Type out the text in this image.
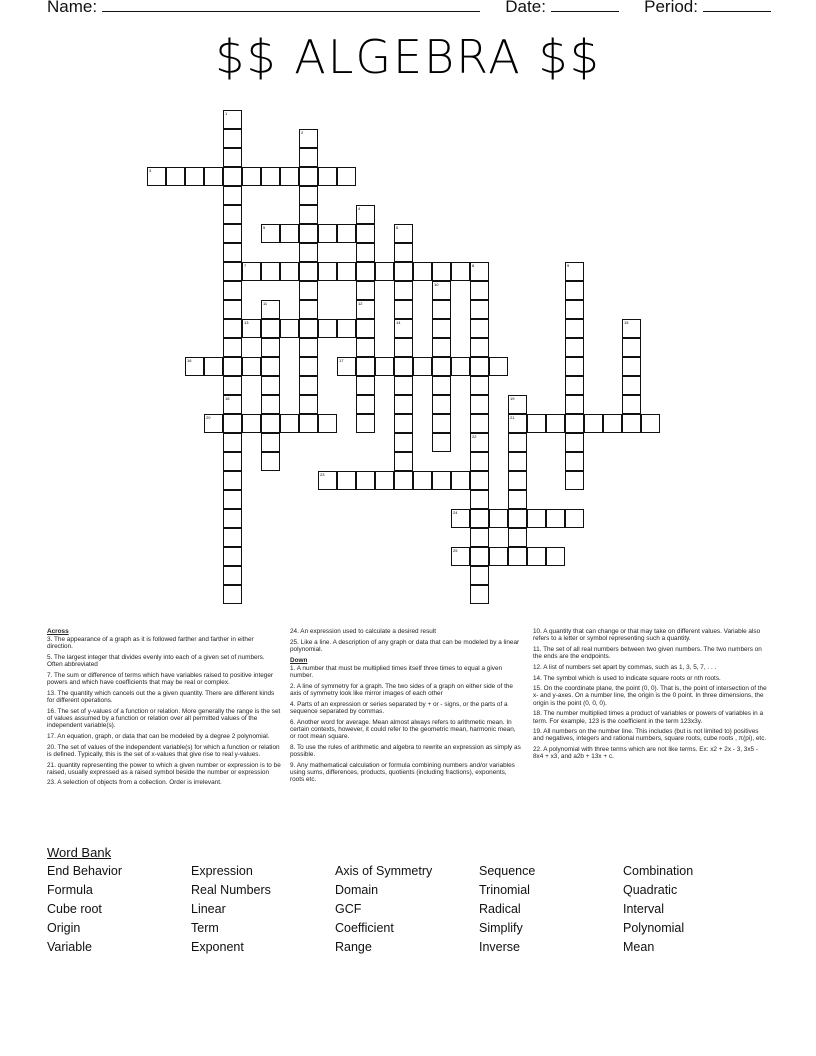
Name:	Date:	Period:
$$ ALGEBRA $$
1
18
2
3
4
12
5	6
14
7	8
22
9
10
11
13	15
16	17
19
21
20
23
24
25

Across

3. The appearance of a graph as it is followed farther and farther in either direction.

5. The largest integer that divides evenly into each of a given set of numbers. Often abbreviated

7. The sum or difference of terms which have variables raised to positive integer powers and which have coefficients that may be real or complex.

13. The quantity which cancels out the a given quantity. There are different kinds for different operations.

16. The set of y-values of a function or relation. More generally the range is the set of values assumed by a function or relation over all permitted values of the independent variable(s).

17. An equation, graph, or data that can be modeled by a degree 2 polynomial.

20. The set of values of the independent variable(s) for which a function or relation is defined. Typically, this is the set of x-values that give rise to real y-values.

21. quantity representing the power to which a given number or expression is to be raised, usually expressed as a raised symbol beside the number or expression

23. A selection of objects from a collection. Order is irrelevant.

24. An expression used to calculate a desired result

25. Like a line. A description of any graph or data that can be modeled by a linear polynomial.

Down

1. A number that must be multiplied times itself three times to equal a given number.

2. A line of symmetry for a graph. The two sides of a graph on either side of the axis of symmetry look like mirror images of each other

4. Parts of an expression or series separated by + or - signs, or the parts of a sequence separated by commas.

6. Another word for average. Mean almost always refers to arithmetic mean. In certain contexts, however, it could refer to the geometric mean, harmonic mean, or root mean square.

8. To use the rules of arithmetic and algebra to rewrite an expression as simply as possible.

9. Any mathematical calculation or formula combining numbers and/or variables using sums, differences, products, quotients (including fractions), exponents, roots etc.

10. A quantity that can change or that may take on different values. Variable also refers to a letter or symbol representing such a quantity.

11. The set of all real numbers between two given numbers. The two numbers on the ends are the endpoints.

12. A list of numbers set apart by commas, such as 1, 3, 5, 7, . . .

14. The symbol which is used to indicate square roots or nth roots.

15. On the coordinate plane, the point (0, 0). That is, the point of intersection of the x- and y-axes. On a number line, the origin is the 0 point. In three dimensions, the origin is the point (0, 0, 0).

18. The number multiplied times a product of variables or powers of variables in a term. For example, 123 is the coefficient in the term 123x3y.

19. All numbers on the number line. This includes (but is not limited to) positives and negatives, integers and rational numbers, square roots, cube roots , π(pi), etc.

22. A polynomial with three terms which are not like terms. Ex: x2 + 2x - 3, 3x5 - 8x4 + x3, and a2b + 13x + c.

Word Bank
End Behavior	Expression	Axis of Symmetry	Sequence	Combination
Formula	Real Numbers	Domain	Trinomial	Quadratic
Cube root	Linear	GCF	Radical	Interval
Origin	Term	Coefficient	Simplify	Polynomial
Variable	Exponent	Range	Inverse	Mean
